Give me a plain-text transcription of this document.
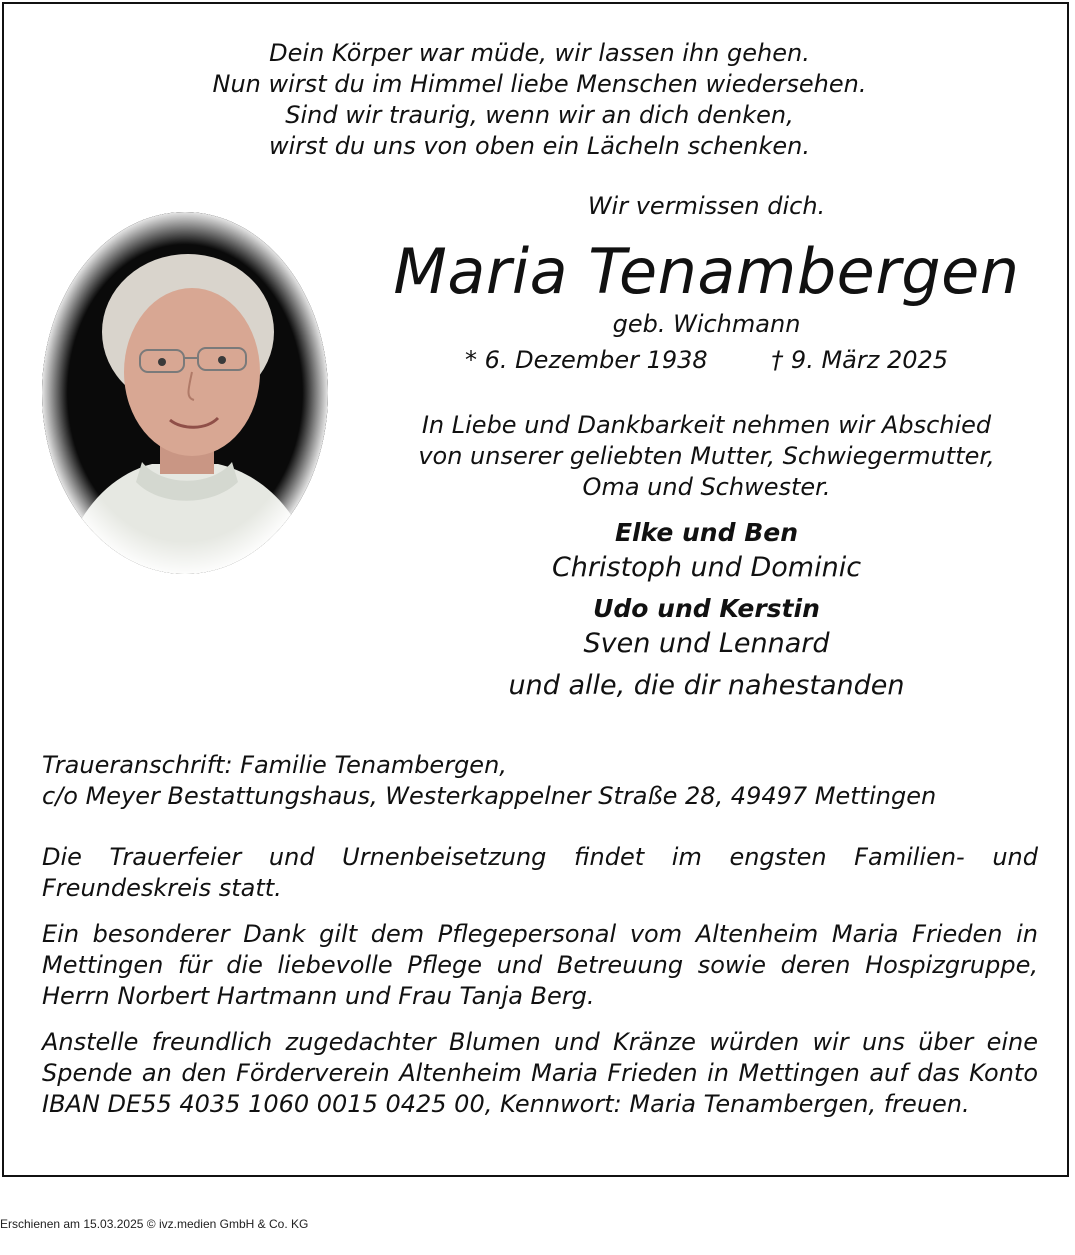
Dein Körper war müde, wir lassen ihn gehen.
Nun wirst du im Himmel liebe Menschen wiedersehen.
Sind wir traurig, wenn wir an dich denken,
wirst du uns von oben ein Lächeln schenken.
Wir vermissen dich.
Maria Tenambergen
geb. Wichmann
* 6. Dezember 1938	† 9. März 2025
In Liebe und Dankbarkeit nehmen wir Abschied
von unserer geliebten Mutter, Schwiegermutter,
Oma und Schwester.
Elke und Ben
Christoph und Dominic
Udo und Kerstin
Sven und Lennard
und alle, die dir nahestanden
Traueranschrift: Familie Tenambergen,
c/o Meyer Bestattungshaus, Westerkappelner Straße 28, 49497 Mettingen
Die Trauerfeier und Urnenbeisetzung findet im engsten Familien- und Freundeskreis statt.
Ein besonderer Dank gilt dem Pflegepersonal vom Altenheim Maria Frieden in Mettingen für die liebevolle Pflege und Betreuung sowie deren Hospizgruppe, Herrn Norbert Hartmann und Frau Tanja Berg.
Anstelle freundlich zugedachter Blumen und Kränze würden wir uns über eine Spende an den Förderverein Altenheim Maria Frieden in Mettingen auf das Konto IBAN DE55 4035 1060 0015 0425 00, Kennwort: Maria Tenambergen, freuen.
Erschienen am 15.03.2025 © ivz.medien GmbH & Co. KG
